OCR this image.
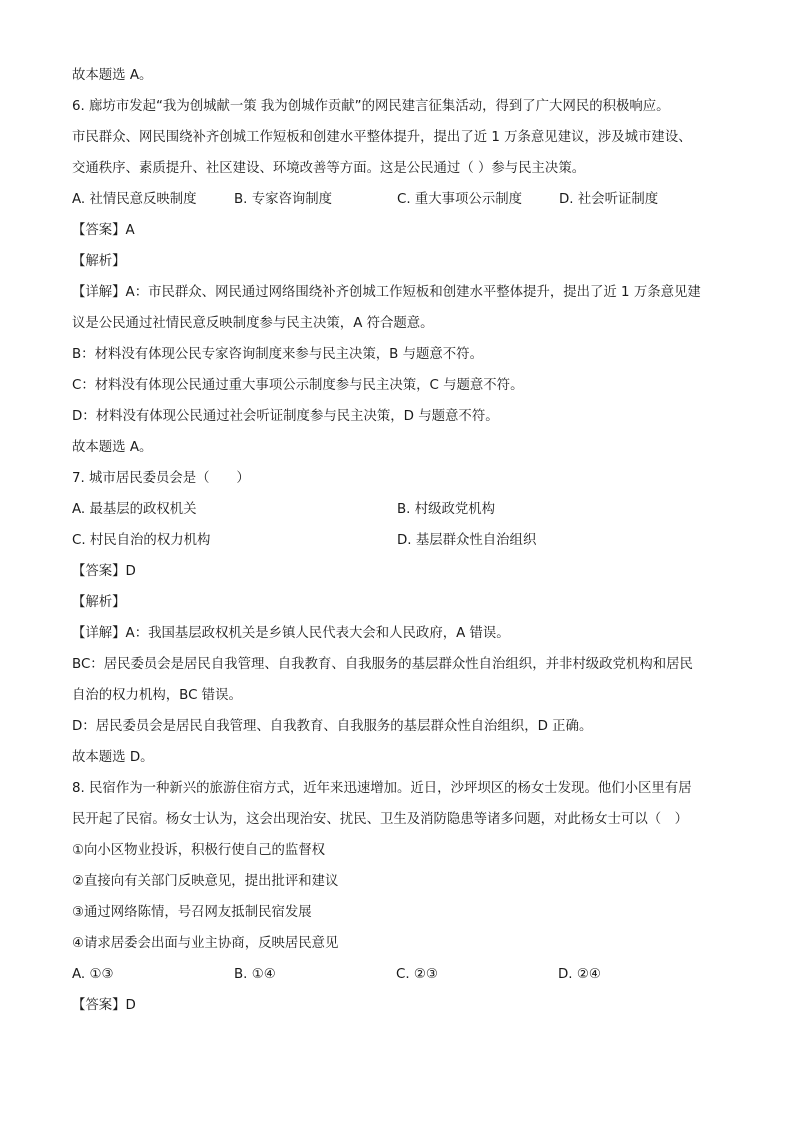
故本题选 A。
6. 廊坊市发起“我为创城献一策 我为创城作贡献”的网民建言征集活动，得到了广大网民的积极响应。
市民群众、网民围绕补齐创城工作短板和创建水平整体提升，提出了近 1 万条意见建议，涉及城市建设、
交通秩序、素质提升、社区建设、环境改善等方面。这是公民通过（ ）参与民主决策。
A. 社情民意反映制度	B. 专家咨询制度	C. 重大事项公示制度	D. 社会听证制度
【答案】A
【解析】
【详解】A：市民群众、网民通过网络围绕补齐创城工作短板和创建水平整体提升，提出了近 1 万条意见建
议是公民通过社情民意反映制度参与民主决策，A 符合题意。
B：材料没有体现公民专家咨询制度来参与民主决策，B 与题意不符。
C：材料没有体现公民通过重大事项公示制度参与民主决策，C 与题意不符。
D：材料没有体现公民通过社会听证制度参与民主决策，D 与题意不符。
故本题选 A。
7. 城市居民委员会是（　　）
A. 最基层的政权机关	B. 村级政党机构
C. 村民自治的权力机构	D. 基层群众性自治组织
【答案】D
【解析】
【详解】A：我国基层政权机关是乡镇人民代表大会和人民政府，A 错误。
BC：居民委员会是居民自我管理、自我教育、自我服务的基层群众性自治组织，并非村级政党机构和居民
自治的权力机构，BC 错误。
D：居民委员会是居民自我管理、自我教育、自我服务的基层群众性自治组织，D 正确。
故本题选 D。
8. 民宿作为一种新兴的旅游住宿方式，近年来迅速增加。近日，沙坪坝区的杨女士发现。他们小区里有居
民开起了民宿。杨女士认为，这会出现治安、扰民、卫生及消防隐患等诸多问题，对此杨女士可以（　）
①向小区物业投诉，积极行使自己的监督权
②直接向有关部门反映意见，提出批评和建议
③通过网络陈情，号召网友抵制民宿发展
④请求居委会出面与业主协商，反映居民意见
A. ①③	B. ①④	C. ②③	D. ②④
【答案】D
